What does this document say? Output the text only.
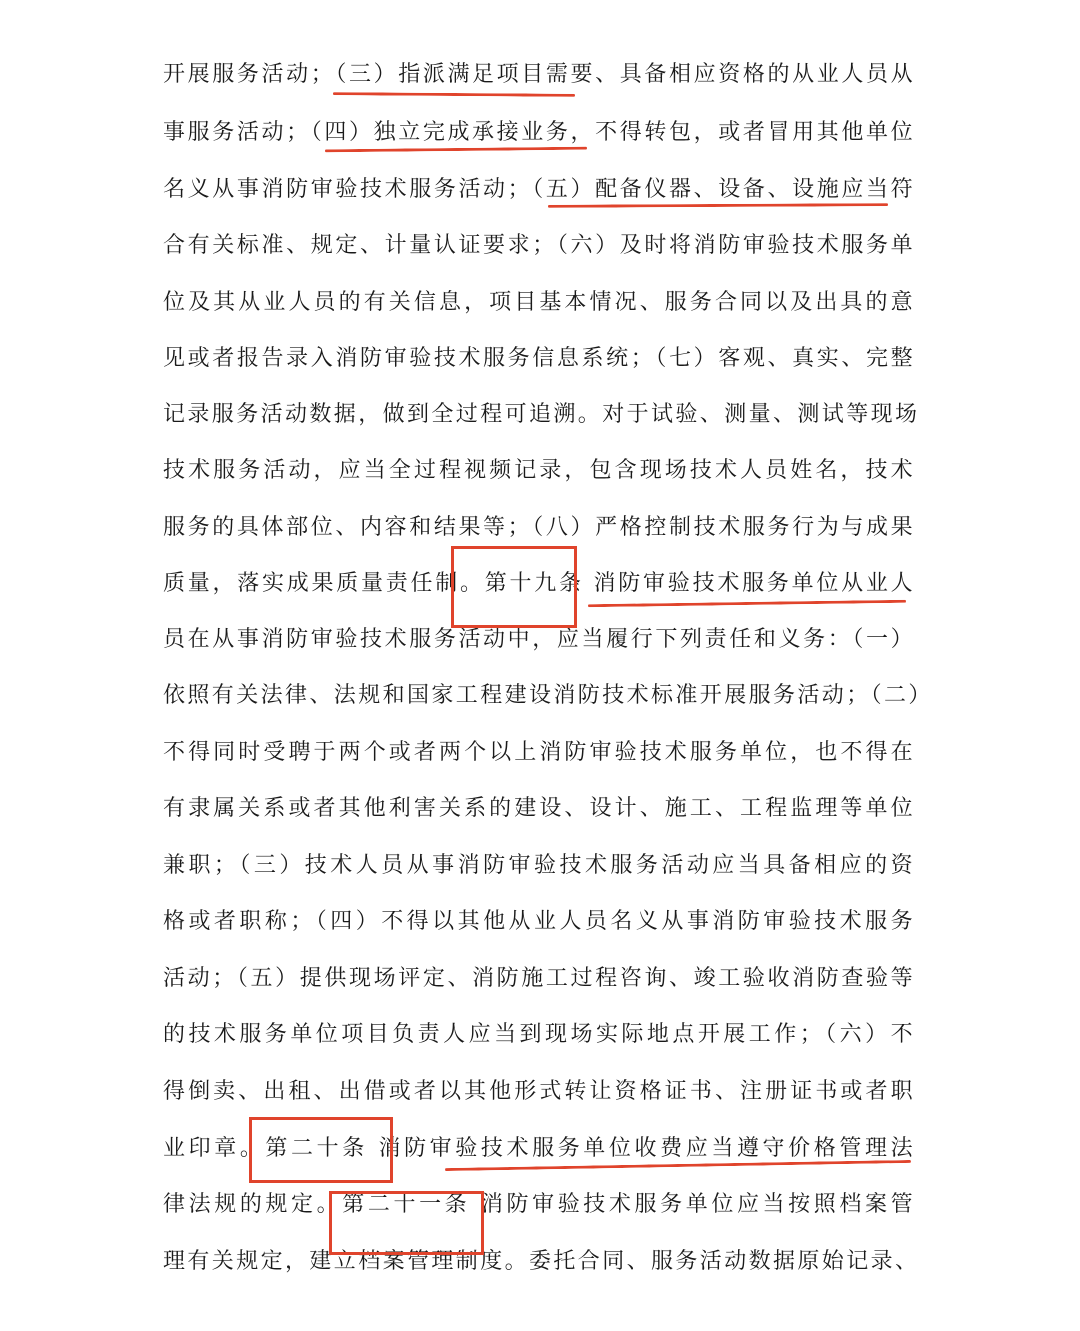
开展服务活动；（三）指派满足项目需要、具备相应资格的从业人员从
事服务活动；（四）独立完成承接业务，不得转包，或者冒用其他单位
名义从事消防审验技术服务活动；（五）配备仪器、设备、设施应当符
合有关标准、规定、计量认证要求；（六）及时将消防审验技术服务单
位及其从业人员的有关信息，项目基本情况、服务合同以及出具的意
见或者报告录入消防审验技术服务信息系统；（七）客观、真实、完整
记录服务活动数据，做到全过程可追溯。对于试验、测量、测试等现场
技术服务活动，应当全过程视频记录，包含现场技术人员姓名，技术
服务的具体部位、内容和结果等；（八）严格控制技术服务行为与成果
质量，落实成果质量责任制。第十九条 消防审验技术服务单位从业人
员在从事消防审验技术服务活动中，应当履行下列责任和义务：（一）
依照有关法律、法规和国家工程建设消防技术标准开展服务活动；（二）
不得同时受聘于两个或者两个以上消防审验技术服务单位，也不得在
有隶属关系或者其他利害关系的建设、设计、施工、工程监理等单位
兼职；（三）技术人员从事消防审验技术服务活动应当具备相应的资
格或者职称；（四）不得以其他从业人员名义从事消防审验技术服务
活动；（五）提供现场评定、消防施工过程咨询、竣工验收消防查验等
的技术服务单位项目负责人应当到现场实际地点开展工作；（六）不
得倒卖、出租、出借或者以其他形式转让资格证书、注册证书或者职
业印章。第二十条 消防审验技术服务单位收费应当遵守价格管理法
律法规的规定。第二十一条 消防审验技术服务单位应当按照档案管
理有关规定，建立档案管理制度。委托合同、服务活动数据原始记录、
